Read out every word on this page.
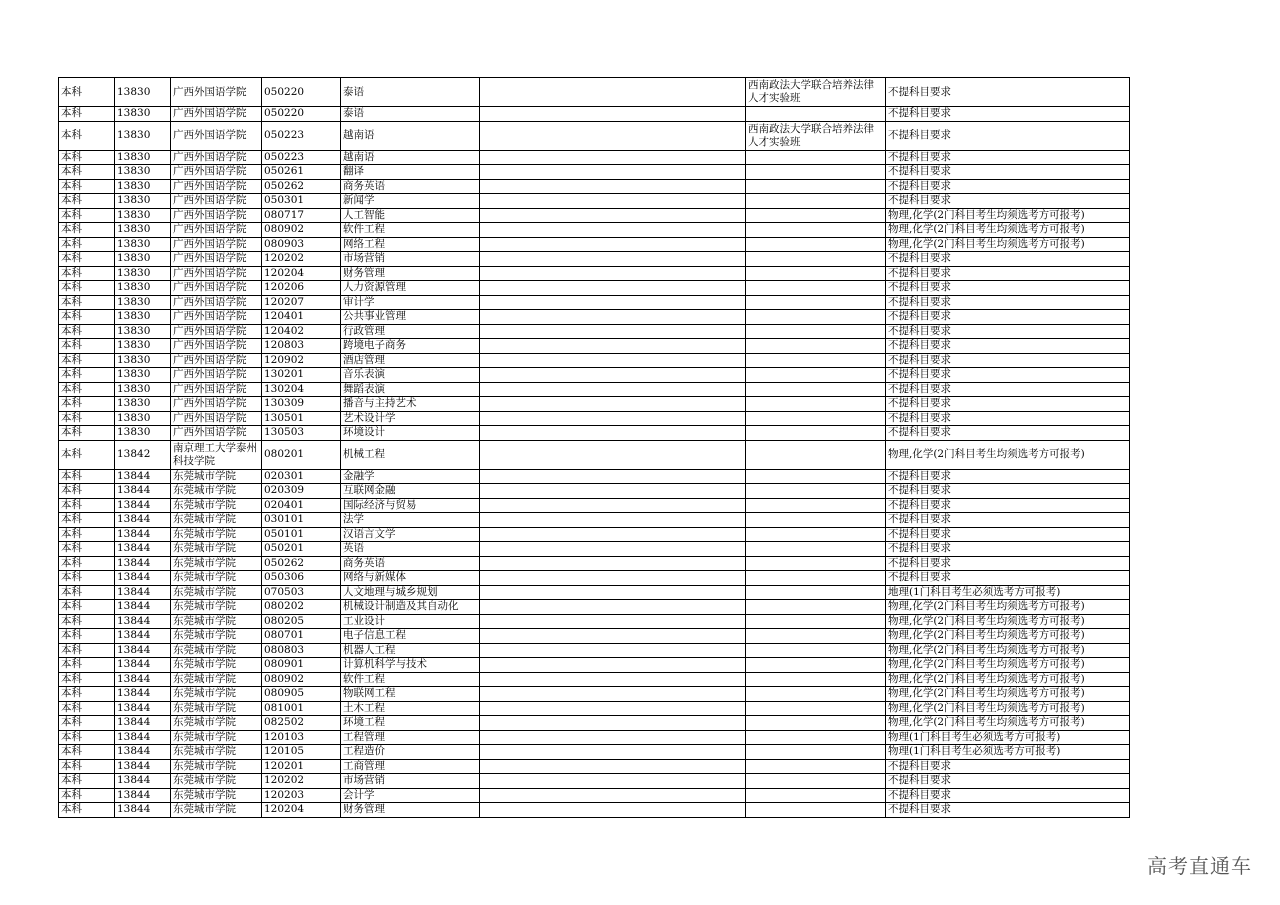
本科	13830	广西外国语学院	050220	泰语		西南政法大学联合培养法律人才实验班	不提科目要求
本科	13830	广西外国语学院	050220	泰语			不提科目要求
本科	13830	广西外国语学院	050223	越南语		西南政法大学联合培养法律人才实验班	不提科目要求
本科	13830	广西外国语学院	050223	越南语			不提科目要求
本科	13830	广西外国语学院	050261	翻译			不提科目要求
本科	13830	广西外国语学院	050262	商务英语			不提科目要求
本科	13830	广西外国语学院	050301	新闻学			不提科目要求
本科	13830	广西外国语学院	080717	人工智能			物理,化学(2门科目考生均须选考方可报考)
本科	13830	广西外国语学院	080902	软件工程			物理,化学(2门科目考生均须选考方可报考)
本科	13830	广西外国语学院	080903	网络工程			物理,化学(2门科目考生均须选考方可报考)
本科	13830	广西外国语学院	120202	市场营销			不提科目要求
本科	13830	广西外国语学院	120204	财务管理			不提科目要求
本科	13830	广西外国语学院	120206	人力资源管理			不提科目要求
本科	13830	广西外国语学院	120207	审计学			不提科目要求
本科	13830	广西外国语学院	120401	公共事业管理			不提科目要求
本科	13830	广西外国语学院	120402	行政管理			不提科目要求
本科	13830	广西外国语学院	120803	跨境电子商务			不提科目要求
本科	13830	广西外国语学院	120902	酒店管理			不提科目要求
本科	13830	广西外国语学院	130201	音乐表演			不提科目要求
本科	13830	广西外国语学院	130204	舞蹈表演			不提科目要求
本科	13830	广西外国语学院	130309	播音与主持艺术			不提科目要求
本科	13830	广西外国语学院	130501	艺术设计学			不提科目要求
本科	13830	广西外国语学院	130503	环境设计			不提科目要求
本科	13842	南京理工大学泰州科技学院	080201	机械工程			物理,化学(2门科目考生均须选考方可报考)
本科	13844	东莞城市学院	020301	金融学			不提科目要求
本科	13844	东莞城市学院	020309	互联网金融			不提科目要求
本科	13844	东莞城市学院	020401	国际经济与贸易			不提科目要求
本科	13844	东莞城市学院	030101	法学			不提科目要求
本科	13844	东莞城市学院	050101	汉语言文学			不提科目要求
本科	13844	东莞城市学院	050201	英语			不提科目要求
本科	13844	东莞城市学院	050262	商务英语			不提科目要求
本科	13844	东莞城市学院	050306	网络与新媒体			不提科目要求
本科	13844	东莞城市学院	070503	人文地理与城乡规划			地理(1门科目考生必须选考方可报考)
本科	13844	东莞城市学院	080202	机械设计制造及其自动化			物理,化学(2门科目考生均须选考方可报考)
本科	13844	东莞城市学院	080205	工业设计			物理,化学(2门科目考生均须选考方可报考)
本科	13844	东莞城市学院	080701	电子信息工程			物理,化学(2门科目考生均须选考方可报考)
本科	13844	东莞城市学院	080803	机器人工程			物理,化学(2门科目考生均须选考方可报考)
本科	13844	东莞城市学院	080901	计算机科学与技术			物理,化学(2门科目考生均须选考方可报考)
本科	13844	东莞城市学院	080902	软件工程			物理,化学(2门科目考生均须选考方可报考)
本科	13844	东莞城市学院	080905	物联网工程			物理,化学(2门科目考生均须选考方可报考)
本科	13844	东莞城市学院	081001	土木工程			物理,化学(2门科目考生均须选考方可报考)
本科	13844	东莞城市学院	082502	环境工程			物理,化学(2门科目考生均须选考方可报考)
本科	13844	东莞城市学院	120103	工程管理			物理(1门科目考生必须选考方可报考)
本科	13844	东莞城市学院	120105	工程造价			物理(1门科目考生必须选考方可报考)
本科	13844	东莞城市学院	120201	工商管理			不提科目要求
本科	13844	东莞城市学院	120202	市场营销			不提科目要求
本科	13844	东莞城市学院	120203	会计学			不提科目要求
本科	13844	东莞城市学院	120204	财务管理			不提科目要求
高考直通车
